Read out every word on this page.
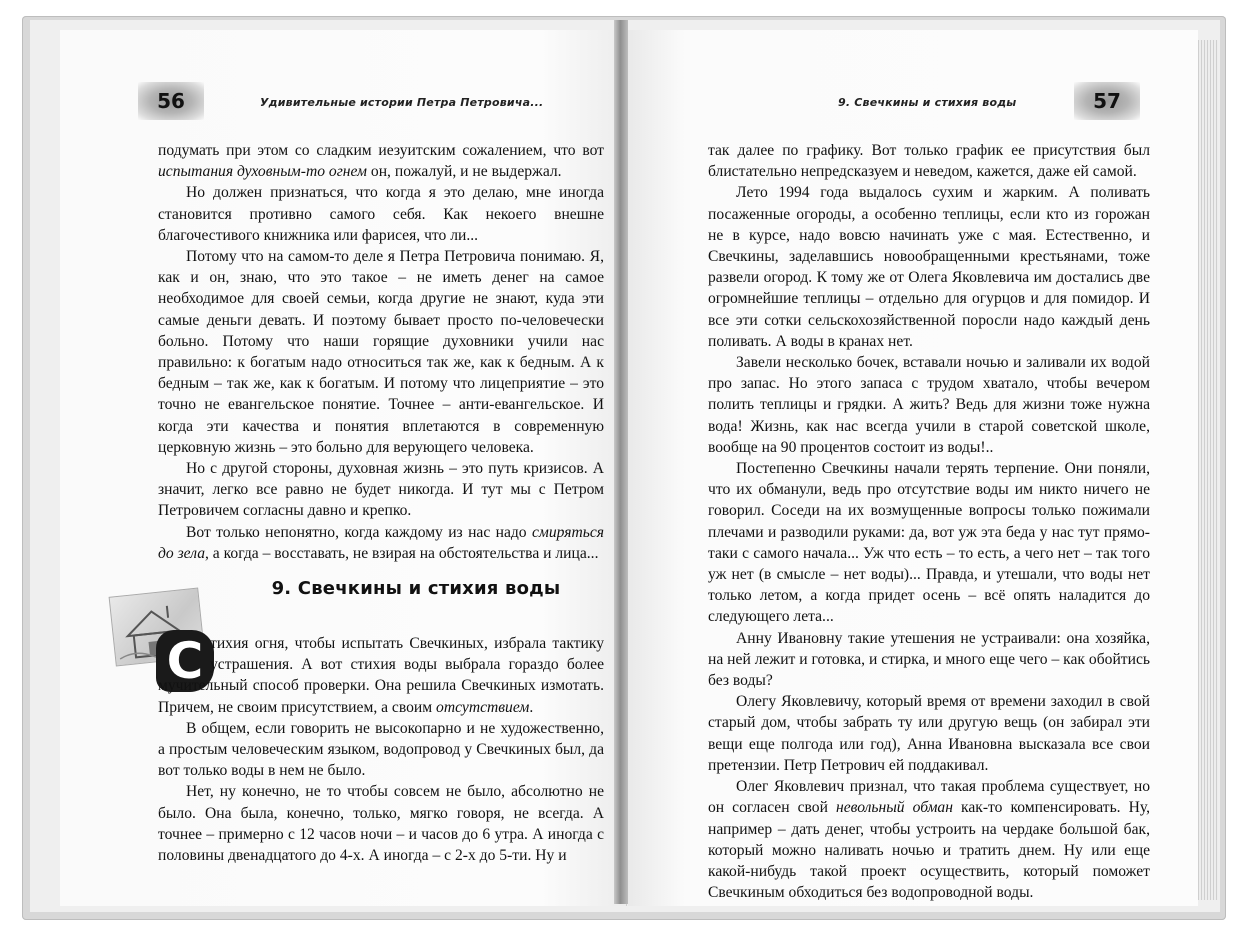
56	Удивительные истории Петра Петровича...

подумать при этом со сладким иезуитским сожалением, что вот испытания духовным-то огнем он, пожалуй, и не выдержал.

Но должен признаться, что когда я это делаю, мне иногда становится противно самого себя. Как некоего внешне благочестивого книжника или фарисея, что ли...

Потому что на самом-то деле я Петра Петровича понимаю. Я, как и он, знаю, что это такое – не иметь денег на самое необходимое для своей семьи, когда другие не знают, куда эти самые деньги девать. И поэтому бывает просто по-человечески больно. Потому что наши горящие духовники учили нас правильно: к богатым надо относиться так же, как к бедным. А к бедным – так же, как к богатым. И потому что лицеприятие – это точно не евангельское понятие. Точнее – анти-евангельское. И когда эти качества и понятия вплетаются в современную церковную жизнь – это больно для верующего человека.

Но с другой стороны, духовная жизнь – это путь кризисов. А значит, легко все равно не будет никогда. И тут мы с Петром Петровичем согласны давно и крепко.

Вот только непонятно, когда каждому из нас надо смиряться до зела, а когда – восставать, не взирая на обстоятельства и лица...

9. Свечкины и стихия воды
С тихия огня, чтобы испытать Свечкиных, избрала тактику устрашения. А вот стихия воды выбрала гораздо более мучительный способ проверки. Она решила Свечкиных измотать. Причем, не своим присутствием, а своим отсутствием.

В общем, если говорить не высокопарно и не художественно, а простым человеческим языком, водопровод у Свечкиных был, да вот только воды в нем не было.

Нет, ну конечно, не то чтобы совсем не было, абсолютно не было. Она была, конечно, только, мягко говоря, не всегда. А точнее – примерно с 12 часов ночи – и часов до 6 утра. А иногда с половины двенадцатого до 4-х. А иногда – с 2-х до 5-ти. Ну и

9. Свечкины и стихия воды	57

так далее по графику. Вот только график ее присутствия был блистательно непредсказуем и неведом, кажется, даже ей самой.

Лето 1994 года выдалось сухим и жарким. А поливать посаженные огороды, а особенно теплицы, если кто из горожан не в курсе, надо вовсю начинать уже с мая. Естественно, и Свечкины, заделавшись новообращенными крестьянами, тоже развели огород. К тому же от Олега Яковлевича им достались две огромнейшие теплицы – отдельно для огурцов и для помидор. И все эти сотки сельскохозяйственной поросли надо каждый день поливать. А воды в кранах нет.

Завели несколько бочек, вставали ночью и заливали их водой про запас. Но этого запаса с трудом хватало, чтобы вечером полить теплицы и грядки. А жить? Ведь для жизни тоже нужна вода! Жизнь, как нас всегда учили в старой советской школе, вообще на 90 процентов состоит из воды!..

Постепенно Свечкины начали терять терпение. Они поняли, что их обманули, ведь про отсутствие воды им никто ничего не говорил. Соседи на их возмущенные вопросы только пожимали плечами и разводили руками: да, вот уж эта беда у нас тут прямо-таки с самого начала... Уж что есть – то есть, а чего нет – так того уж нет (в смысле – нет воды)... Правда, и утешали, что воды нет только летом, а когда придет осень – всё опять наладится до следующего лета...

Анну Ивановну такие утешения не устраивали: она хозяйка, на ней лежит и готовка, и стирка, и много еще чего – как обойтись без воды?

Олегу Яковлевичу, который время от времени заходил в свой старый дом, чтобы забрать ту или другую вещь (он забирал эти вещи еще полгода или год), Анна Ивановна высказала все свои претензии. Петр Петрович ей поддакивал.

Олег Яковлевич признал, что такая проблема существует, но он согласен свой невольный обман как-то компенсировать. Ну, например – дать денег, чтобы устроить на чердаке большой бак, который можно наливать ночью и тратить днем. Ну или еще какой-нибудь такой проект осуществить, который поможет Свечкиным обходиться без водопроводной воды.
